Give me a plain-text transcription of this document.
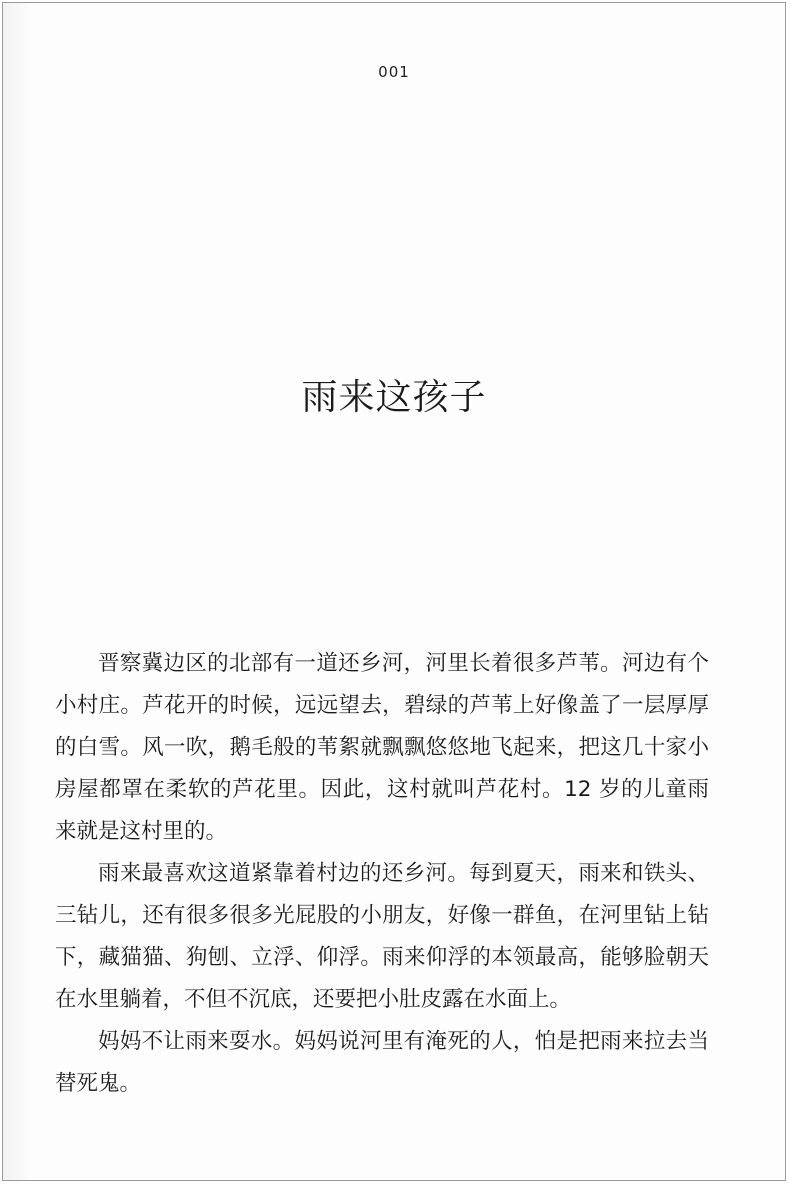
001
雨来这孩子

晋察冀边区的北部有一道还乡河，河里长着很多芦苇。河边有个小村庄。芦花开的时候，远远望去，碧绿的芦苇上好像盖了一层厚厚的白雪。风一吹，鹅毛般的苇絮就飘飘悠悠地飞起来，把这几十家小房屋都罩在柔软的芦花里。因此，这村就叫芦花村。12 岁的儿童雨来就是这村里的。

雨来最喜欢这道紧靠着村边的还乡河。每到夏天，雨来和铁头、三钻儿，还有很多很多光屁股的小朋友，好像一群鱼，在河里钻上钻下，藏猫猫、狗刨、立浮、仰浮。雨来仰浮的本领最高，能够脸朝天在水里躺着，不但不沉底，还要把小肚皮露在水面上。

妈妈不让雨来耍水。妈妈说河里有淹死的人，怕是把雨来拉去当替死鬼。
